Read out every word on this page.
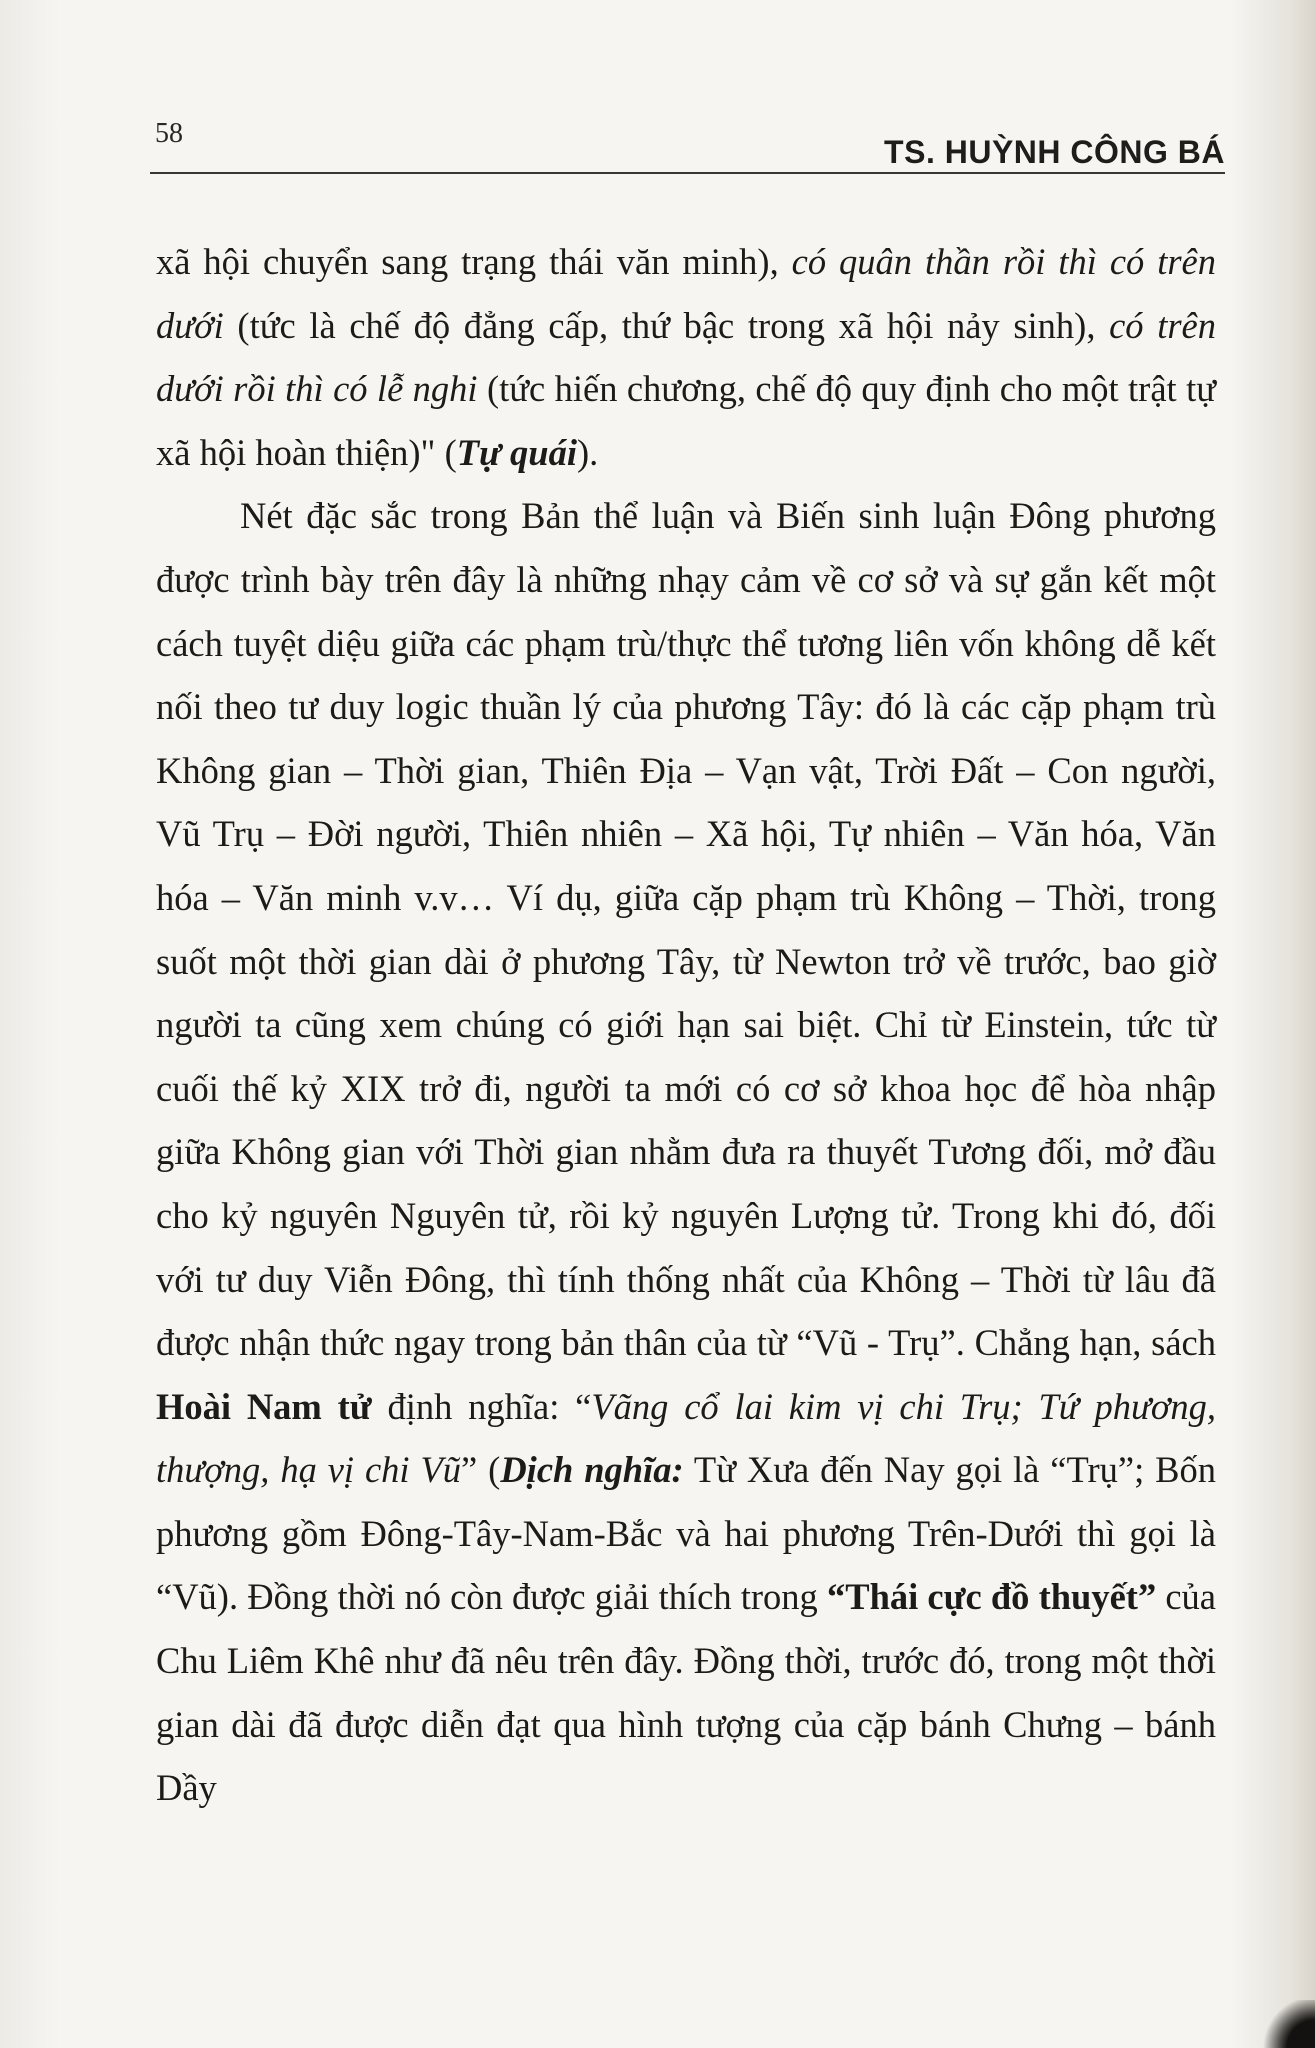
58
TS. HUỲNH CÔNG BÁ

xã hội chuyển sang trạng thái văn minh), có quân thần rồi thì có trên dưới (tức là chế độ đẳng cấp, thứ bậc trong xã hội nảy sinh), có trên dưới rồi thì có lễ nghi (tức hiến chương, chế độ quy định cho một trật tự xã hội hoàn thiện)" (Tự quái).

Nét đặc sắc trong Bản thể luận và Biến sinh luận Đông phương được trình bày trên đây là những nhạy cảm về cơ sở và sự gắn kết một cách tuyệt diệu giữa các phạm trù/thực thể tương liên vốn không dễ kết nối theo tư duy logic thuần lý của phương Tây: đó là các cặp phạm trù Không gian – Thời gian, Thiên Địa – Vạn vật, Trời Đất – Con người, Vũ Trụ – Đời người, Thiên nhiên – Xã hội, Tự nhiên – Văn hóa, Văn hóa – Văn minh v.v… Ví dụ, giữa cặp phạm trù Không – Thời, trong suốt một thời gian dài ở phương Tây, từ Newton trở về trước, bao giờ người ta cũng xem chúng có giới hạn sai biệt. Chỉ từ Einstein, tức từ cuối thế kỷ XIX trở đi, người ta mới có cơ sở khoa học để hòa nhập giữa Không gian với Thời gian nhằm đưa ra thuyết Tương đối, mở đầu cho kỷ nguyên Nguyên tử, rồi kỷ nguyên Lượng tử. Trong khi đó, đối với tư duy Viễn Đông, thì tính thống nhất của Không – Thời từ lâu đã được nhận thức ngay trong bản thân của từ “Vũ - Trụ”. Chẳng hạn, sách Hoài Nam tử định nghĩa: “Vãng cổ lai kim vị chi Trụ; Tứ phương, thượng, hạ vị chi Vũ” (Dịch nghĩa: Từ Xưa đến Nay gọi là “Trụ”; Bốn phương gồm Đông-Tây-Nam-Bắc và hai phương Trên-Dưới thì gọi là “Vũ). Đồng thời nó còn được giải thích trong “Thái cực đồ thuyết” của Chu Liêm Khê như đã nêu trên đây. Đồng thời, trước đó, trong một thời gian dài đã được diễn đạt qua hình tượng của cặp bánh Chưng – bánh Dầy
